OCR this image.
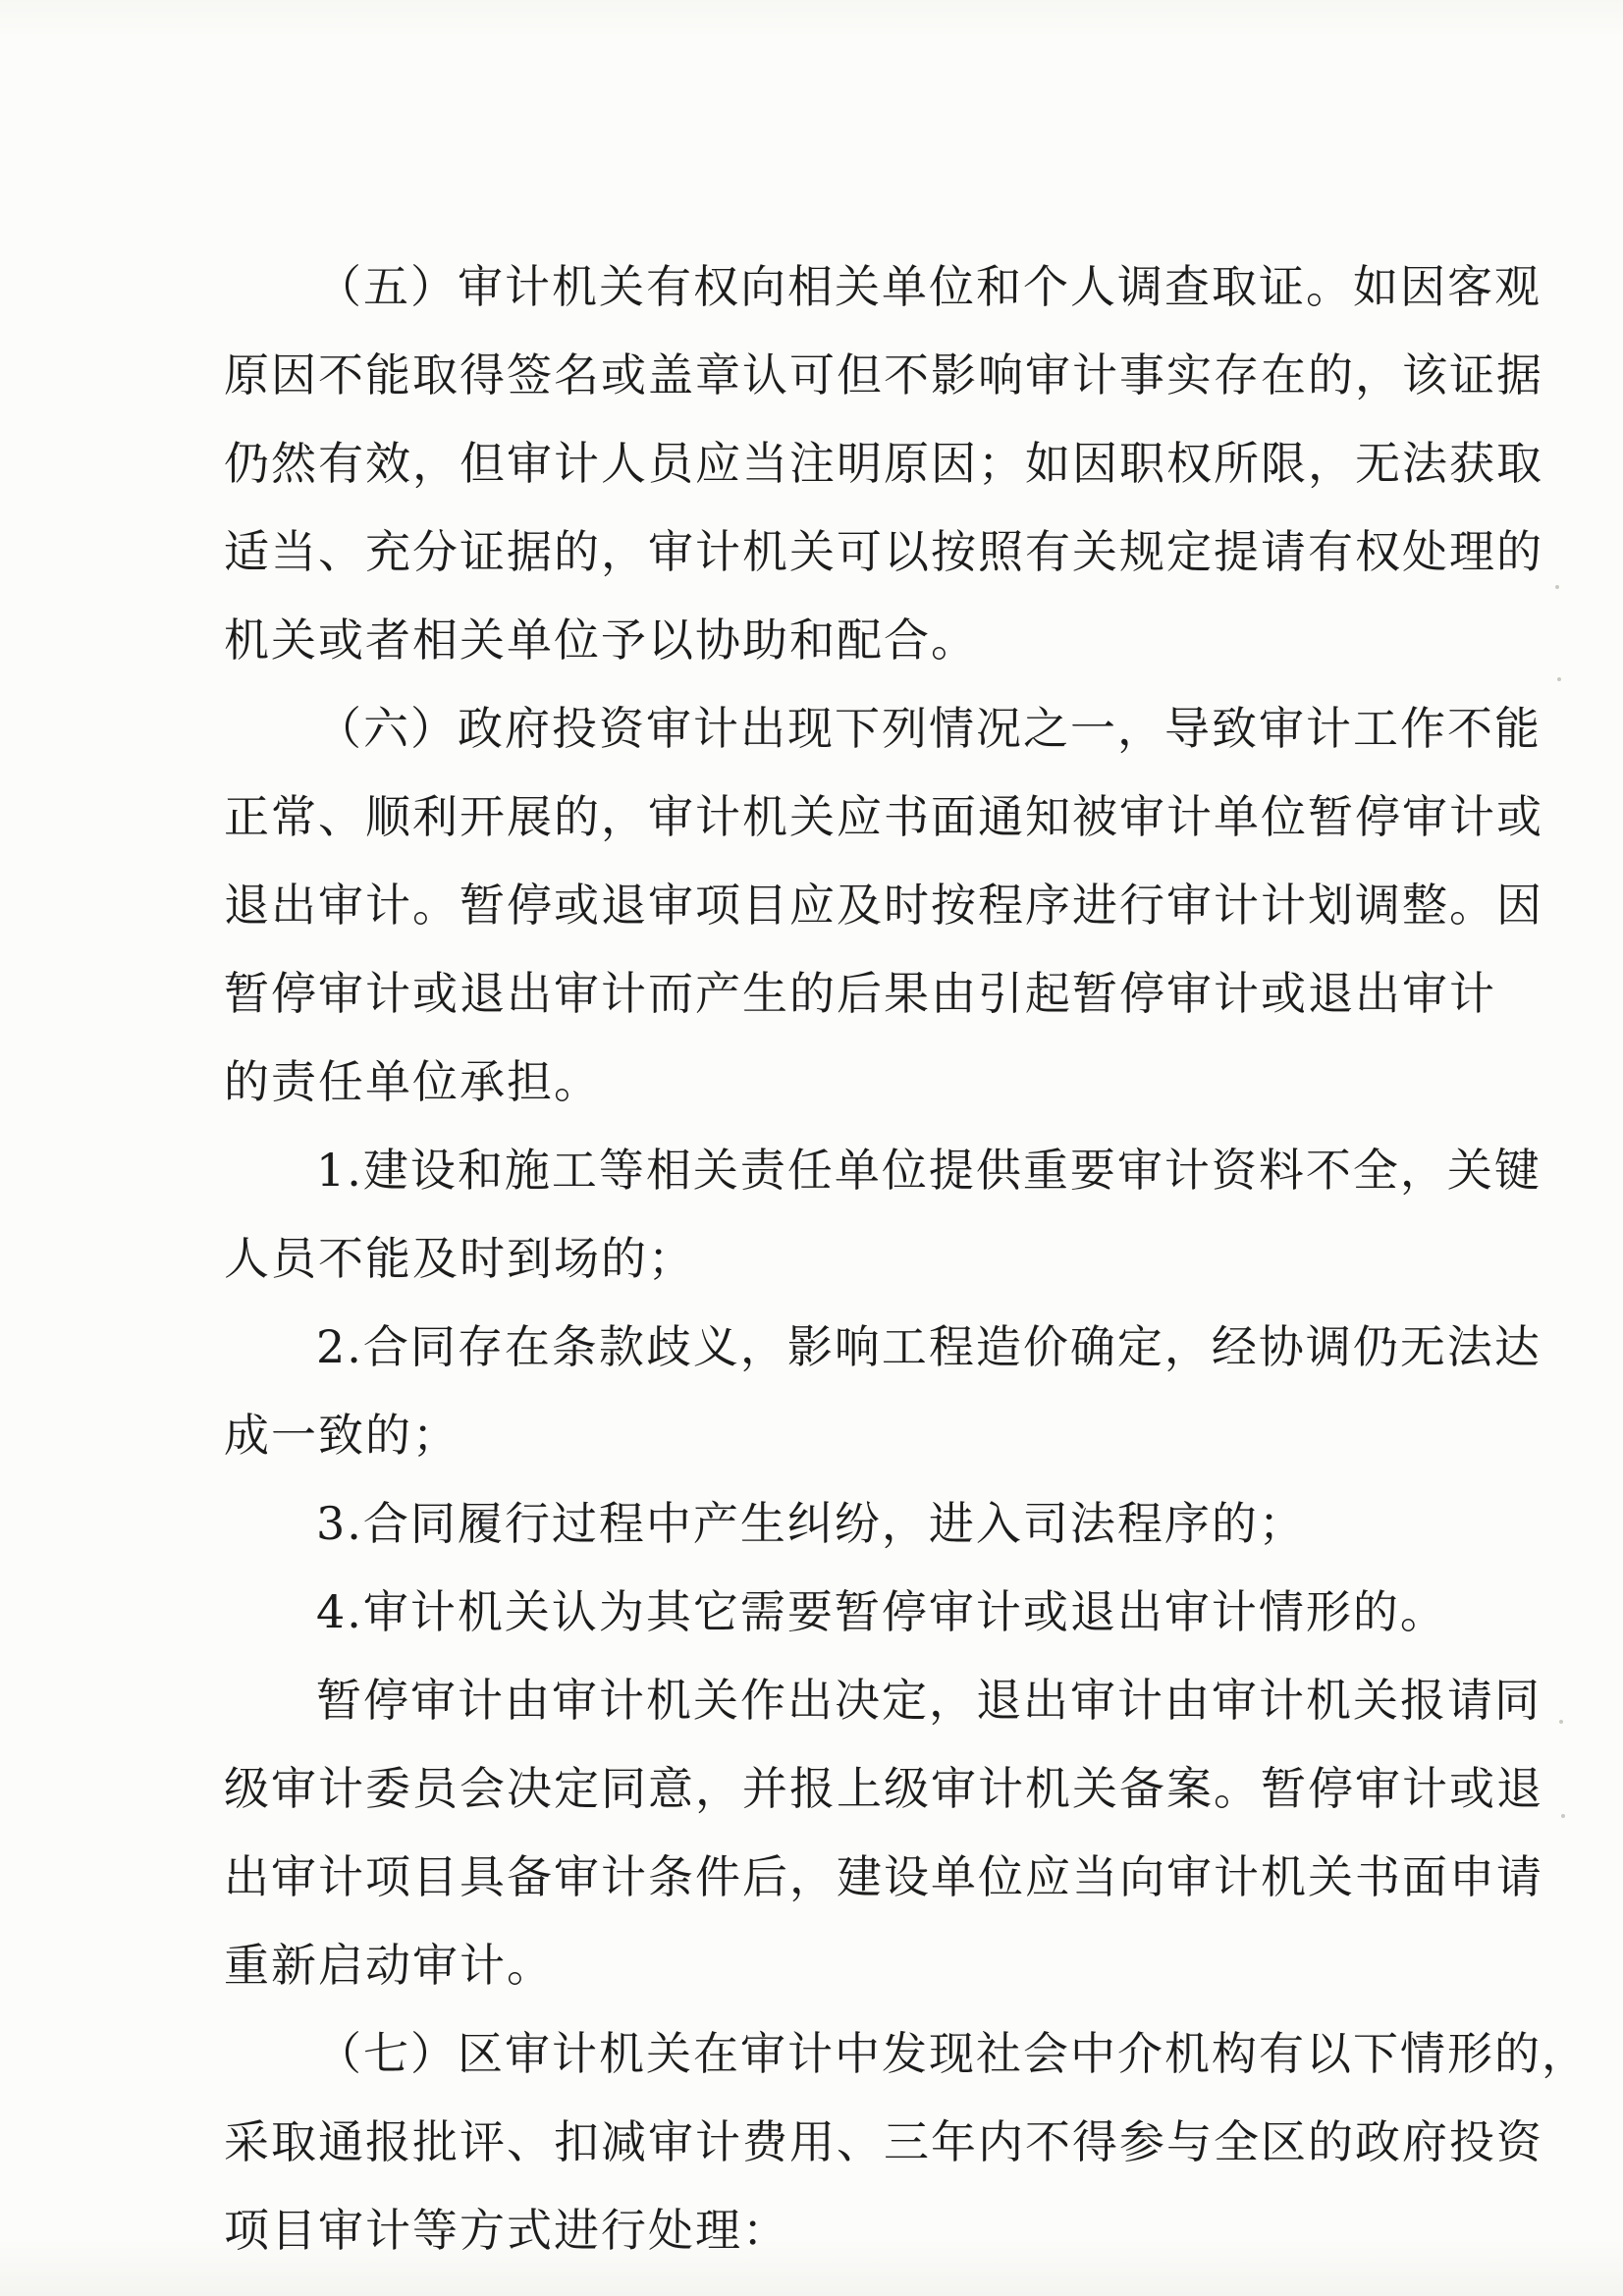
（五）审计机关有权向相关单位和个人调查取证。如因客观
原因不能取得签名或盖章认可但不影响审计事实存在的，该证据
仍然有效，但审计人员应当注明原因；如因职权所限，无法获取
适当、充分证据的，审计机关可以按照有关规定提请有权处理的
机关或者相关单位予以协助和配合。
（六）政府投资审计出现下列情况之一，导致审计工作不能
正常、顺利开展的，审计机关应书面通知被审计单位暂停审计或
退出审计。暂停或退审项目应及时按程序进行审计计划调整。因
暂停审计或退出审计而产生的后果由引起暂停审计或退出审计
的责任单位承担。
1.建设和施工等相关责任单位提供重要审计资料不全，关键
人员不能及时到场的；
2.合同存在条款歧义，影响工程造价确定，经协调仍无法达
成一致的；
3.合同履行过程中产生纠纷，进入司法程序的；
4.审计机关认为其它需要暂停审计或退出审计情形的。
暂停审计由审计机关作出决定，退出审计由审计机关报请同
级审计委员会决定同意，并报上级审计机关备案。暂停审计或退
出审计项目具备审计条件后，建设单位应当向审计机关书面申请
重新启动审计。
（七）区审计机关在审计中发现社会中介机构有以下情形的，
采取通报批评、扣减审计费用、三年内不得参与全区的政府投资
项目审计等方式进行处理：
